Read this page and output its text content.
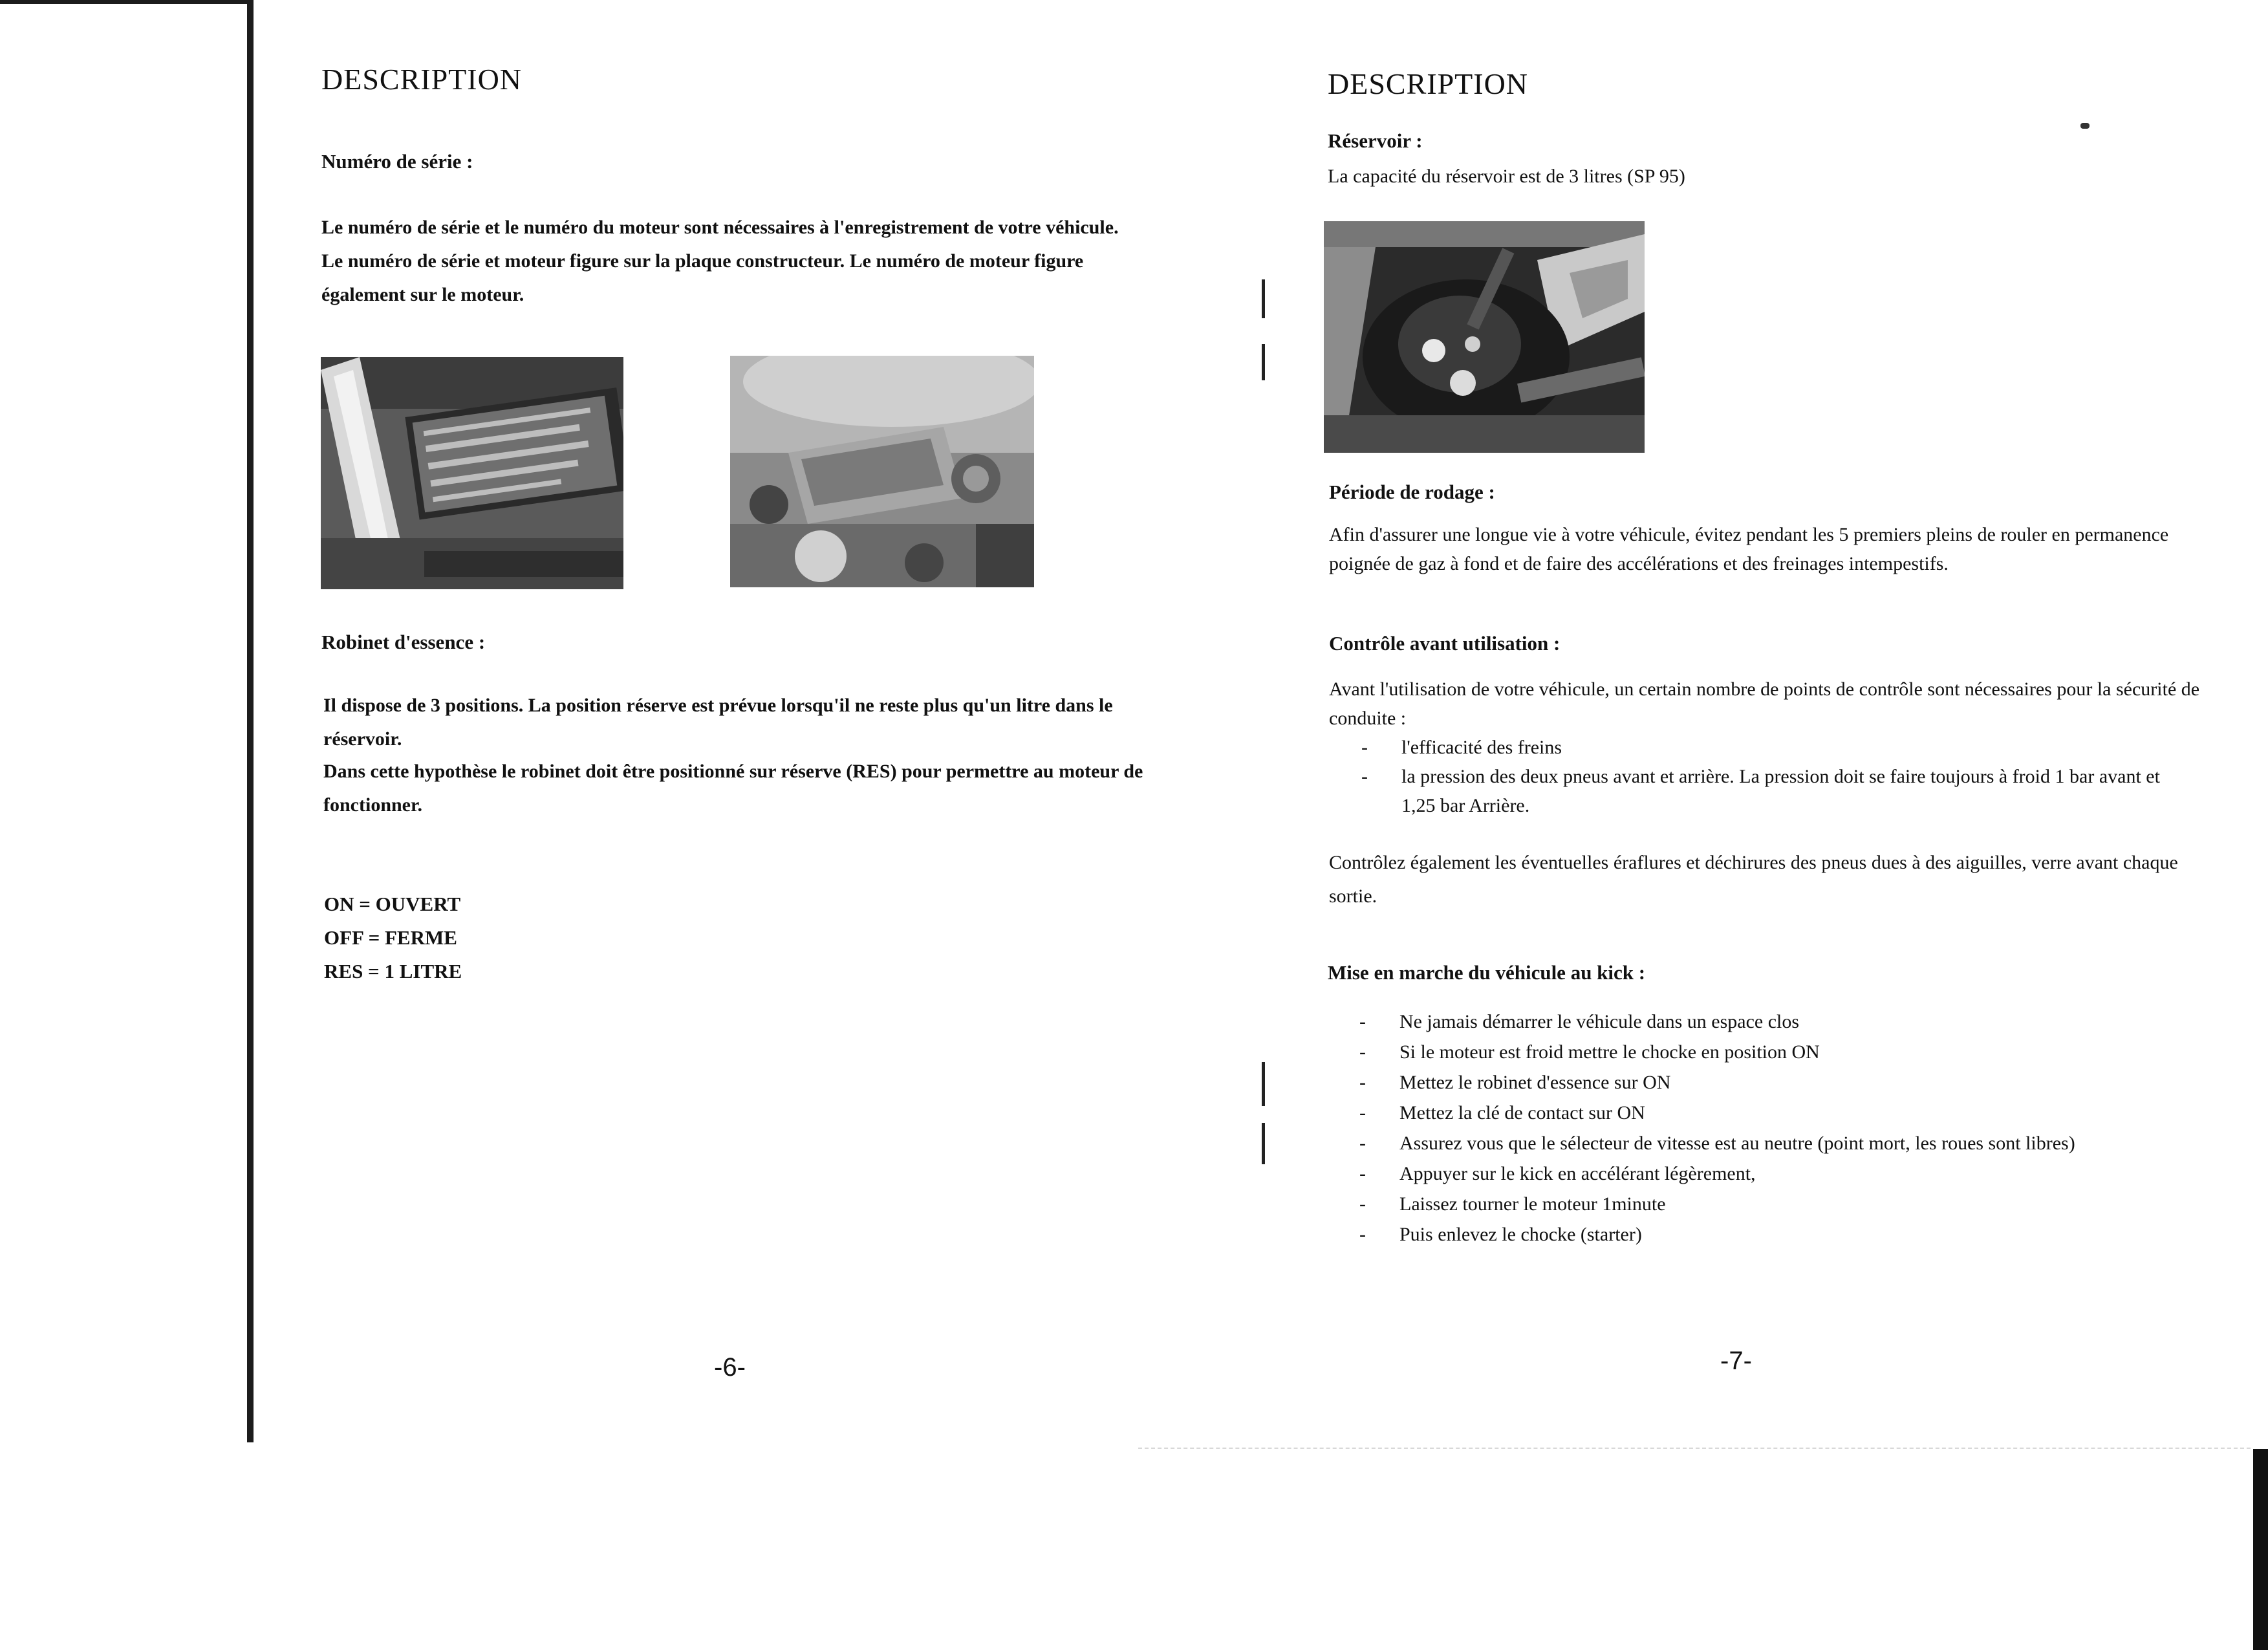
DESCRIPTION
Numéro de série :
Le numéro de série et le numéro du moteur sont nécessaires à l'enregistrement de votre véhicule. Le numéro de série et moteur figure sur la plaque constructeur. Le numéro de moteur figure également sur le moteur.
Robinet d'essence :
Il dispose de 3 positions. La position réserve est prévue lorsqu'il ne reste plus qu'un litre dans le réservoir.
Dans cette hypothèse le robinet doit être positionné sur réserve (RES) pour permettre au moteur de fonctionner.
ON = OUVERT
OFF = FERME
RES = 1 LITRE
-6-
DESCRIPTION
Réservoir :
La capacité du réservoir est de 3 litres (SP 95)
Période de rodage :
Afin d'assurer une longue vie à votre véhicule, évitez pendant les 5 premiers pleins de rouler en permanence poignée de gaz à fond et de faire des accélérations et des freinages intempestifs.
Contrôle avant utilisation :
Avant l'utilisation de votre véhicule, un certain nombre de points de contrôle sont nécessaires pour la sécurité de conduite :
- l'efficacité des freins
- la pression des deux pneus avant et arrière. La pression doit se faire toujours à froid 1 bar avant et 1,25 bar Arrière.
Contrôlez également les éventuelles éraflures et déchirures des pneus dues à des aiguilles, verre avant chaque sortie.
Mise en marche du véhicule au kick :
- Ne jamais démarrer le véhicule dans un espace clos
- Si le moteur est froid mettre le chocke en position ON
- Mettez le robinet d'essence sur ON
- Mettez la clé de contact sur ON
- Assurez vous que le sélecteur de vitesse est au neutre (point mort, les roues sont libres)
- Appuyer sur le kick en accélérant légèrement,
- Laissez tourner le moteur 1minute
- Puis enlevez le chocke (starter)
-7-
